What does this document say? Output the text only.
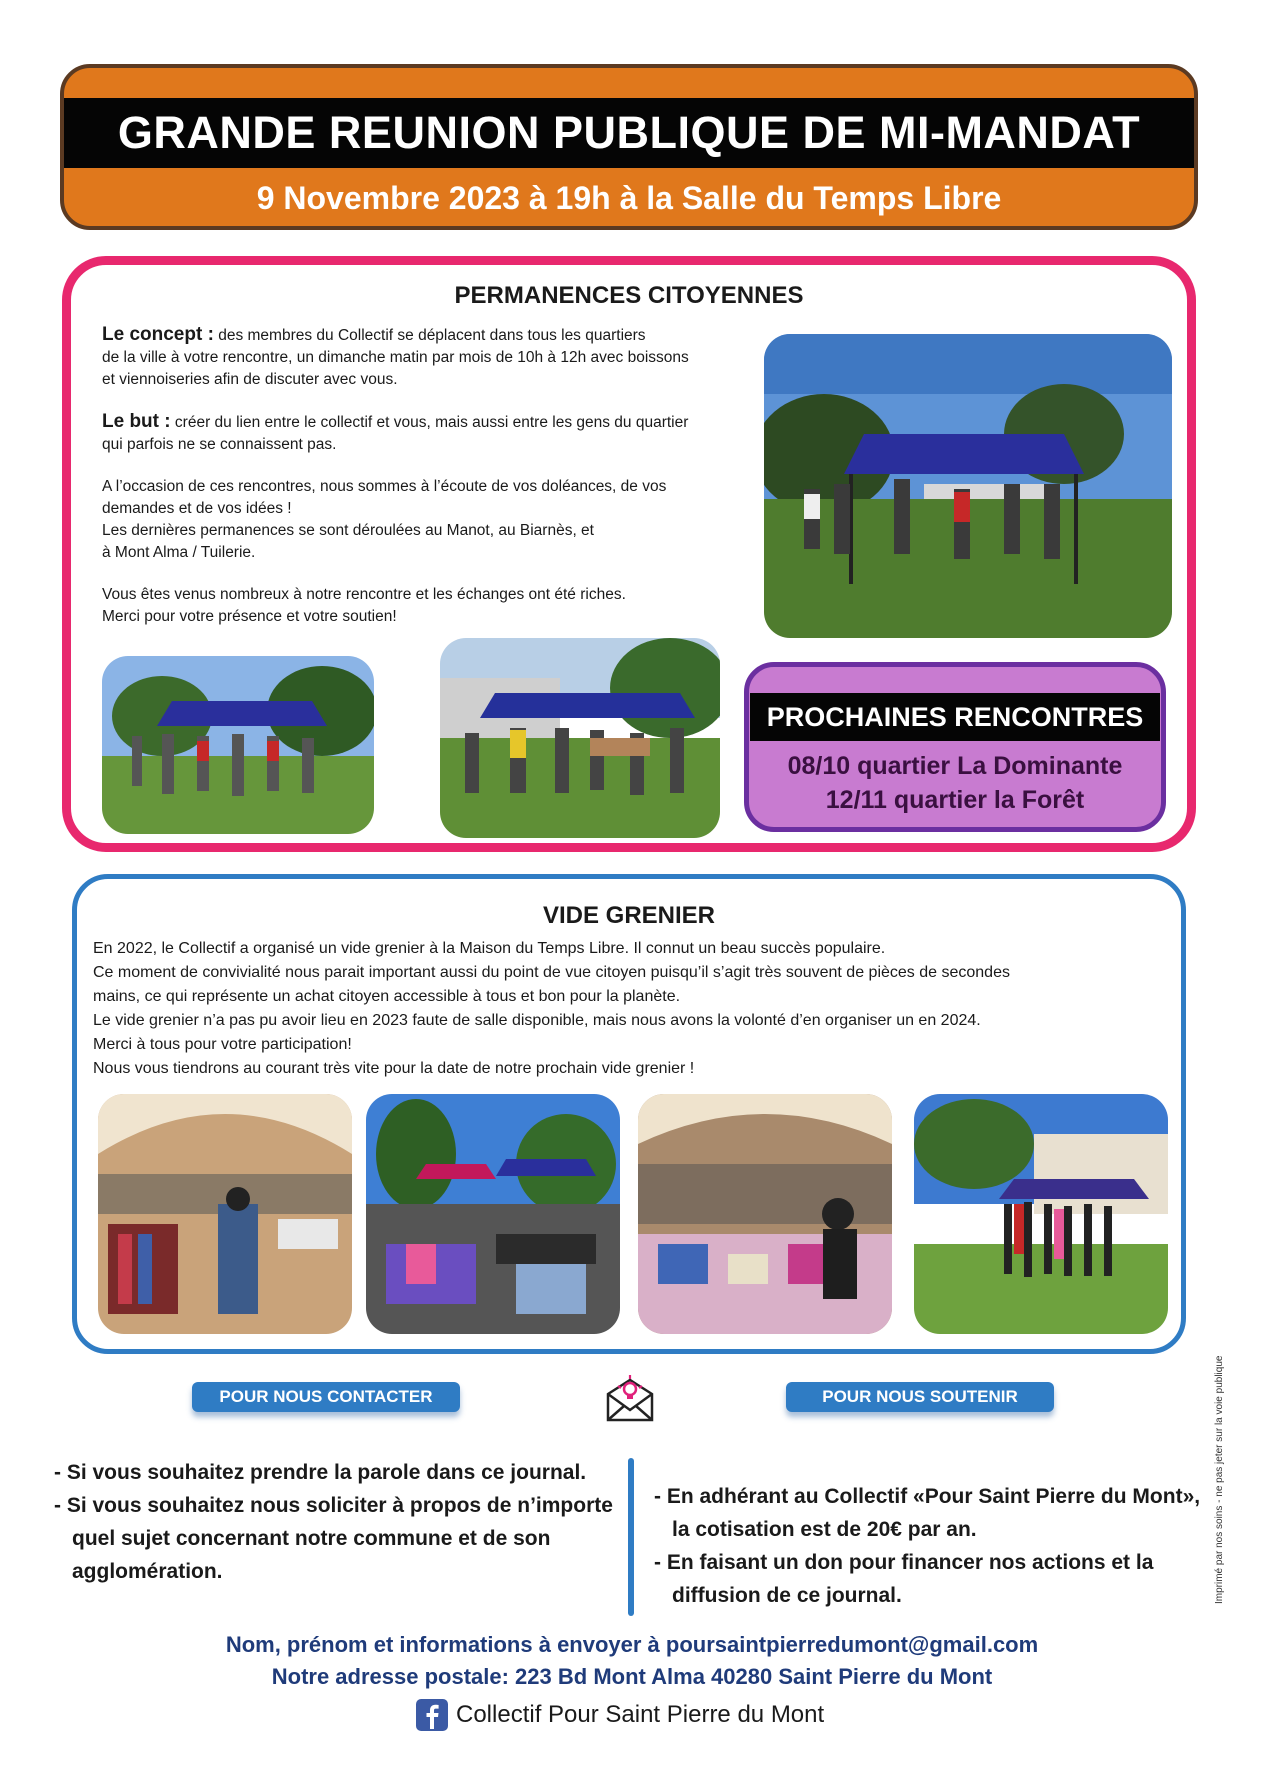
GRANDE REUNION PUBLIQUE DE MI-MANDAT
9 Novembre 2023 à 19h à la Salle du Temps Libre
PERMANENCES CITOYENNES

Le concept : des membres du Collectif se déplacent dans tous les quartiers

de la ville à votre rencontre, un dimanche matin par mois de 10h à 12h avec boissons

et viennoiseries afin de discuter avec vous.

Le but : créer du lien entre le collectif et vous, mais aussi entre les gens du quartier

qui parfois ne se connaissent pas.

A l’occasion de ces rencontres, nous sommes à l’écoute de vos doléances, de vos

demandes et de vos idées !

Les dernières permanences se sont déroulées au Manot, au Biarnès, et

à Mont Alma / Tuilerie.

Vous êtes venus nombreux à notre rencontre et les échanges ont été riches.

Merci pour votre présence et votre soutien!

PROCHAINES RENCONTRES
08/10 quartier La Dominante
12/11 quartier la Forêt
VIDE GRENIER
En 2022, le Collectif a organisé un vide grenier à la Maison du Temps Libre. Il connut un beau succès populaire.
Ce moment de convivialité nous parait important aussi du point de vue citoyen puisqu’il s’agit très souvent de pièces de secondes
mains, ce qui représente un achat citoyen accessible à tous et bon pour la planète.
Le vide grenier n’a pas pu avoir lieu en 2023 faute de salle disponible, mais nous avons la volonté d’en organiser un en 2024.
Merci à tous pour votre participation!
Nous vous tiendrons au courant très vite pour la date de notre prochain vide grenier !
POUR NOUS CONTACTER	POUR NOUS SOUTENIR
- Si vous souhaitez prendre la parole dans ce journal.
- Si vous souhaitez nous soliciter à propos de n’importe quel sujet concernant notre commune et de son agglomération.
- En adhérant au Collectif «Pour Saint Pierre du Mont», la cotisation est de 20€ par an.
- En faisant un don pour financer nos actions et la diffusion de ce journal.
Nom, prénom et informations à envoyer à poursaintpierredumont@gmail.com
Notre adresse postale: 223 Bd Mont Alma 40280 Saint Pierre du Mont
Collectif Pour Saint Pierre du Mont
Imprimé par nos soins - ne pas jeter sur la voie publique
